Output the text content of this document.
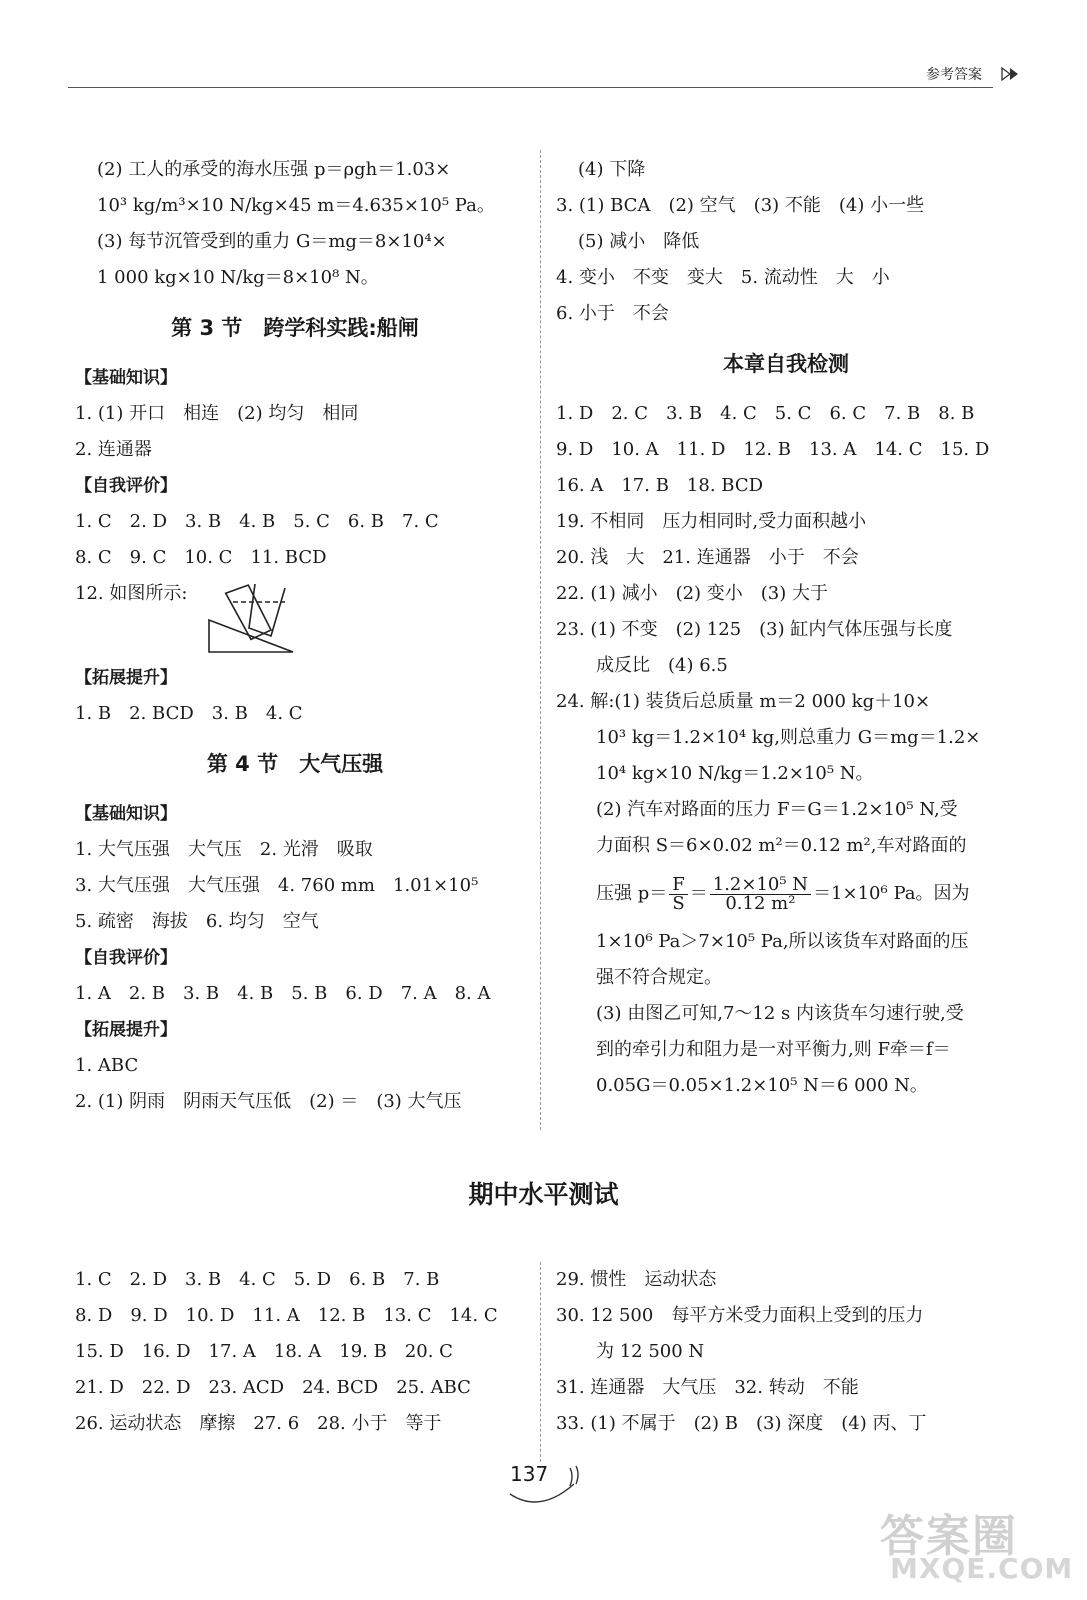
参考答案
(2) 工人的承受的海水压强 p＝ρgh＝1.03×
10³ kg/m³×10 N/kg×45 m＝4.635×10⁵ Pa。
(3) 每节沉管受到的重力 G＝mg＝8×10⁴×
1 000 kg×10 N/kg＝8×10⁸ N。
第 3 节　跨学科实践:船闸
【基础知识】
1. (1) 开口　相连　(2) 均匀　相同
2. 连通器
【自我评价】
1. C　2. D　3. B　4. B　5. C　6. B　7. C
8. C　9. C　10. C　11. BCD
12. 如图所示:
【拓展提升】
1. B　2. BCD　3. B　4. C
第 4 节　大气压强
【基础知识】
1. 大气压强　大气压　2. 光滑　吸取
3. 大气压强　大气压强　4. 760 mm　1.01×10⁵
5. 疏密　海拔　6. 均匀　空气
【自我评价】
1. A　2. B　3. B　4. B　5. B　6. D　7. A　8. A
【拓展提升】
1. ABC
2. (1) 阴雨　阴雨天气压低　(2) ＝　(3) 大气压
(4) 下降
3. (1) BCA　(2) 空气　(3) 不能　(4) 小一些
(5) 减小　降低
4. 变小　不变　变大　5. 流动性　大　小
6. 小于　不会
本章自我检测
1. D　2. C　3. B　4. C　5. C　6. C　7. B　8. B
9. D　10. A　11. D　12. B　13. A　14. C　15. D
16. A　17. B　18. BCD
19. 不相同　压力相同时,受力面积越小
20. 浅　大　21. 连通器　小于　不会
22. (1) 减小　(2) 变小　(3) 大于
23. (1) 不变　(2) 125　(3) 缸内气体压强与长度
成反比　(4) 6.5
24. 解:(1) 装货后总质量 m＝2 000 kg＋10×
10³ kg＝1.2×10⁴ kg,则总重力 G＝mg＝1.2×
10⁴ kg×10 N/kg＝1.2×10⁵ N。
(2) 汽车对路面的压力 F＝G＝1.2×10⁵ N,受
力面积 S＝6×0.02 m²＝0.12 m²,车对路面的
压强 $p= \frac{F}{S} = \frac{\text{1.2×10⁵ N}}{\text{0.12 m²}} =1\times 10^6$ Pa。因为
1×10⁶ Pa＞7×10⁵ Pa,所以该货车对路面的压
强不符合规定。
(3) 由图乙可知,7～12 s 内该货车匀速行驶,受
到的牵引力和阻力是一对平衡力,则 F牵＝f＝
0.05G＝0.05×1.2×10⁵ N＝6 000 N。
期中水平测试
1. C　2. D　3. B　4. C　5. D　6. B　7. B
8. D　9. D　10. D　11. A　12. B　13. C　14. C
15. D　16. D　17. A　18. A　19. B　20. C
21. D　22. D　23. ACD　24. BCD　25. ABC
26. 运动状态　摩擦　27. 6　28. 小于　等于
29. 惯性　运动状态
30. 12 500　每平方米受力面积上受到的压力
为 12 500 N
31. 连通器　大气压　32. 转动　不能
33. (1) 不属于　(2) B　(3) 深度　(4) 丙、丁
137
答案圈
MXQE.COM
